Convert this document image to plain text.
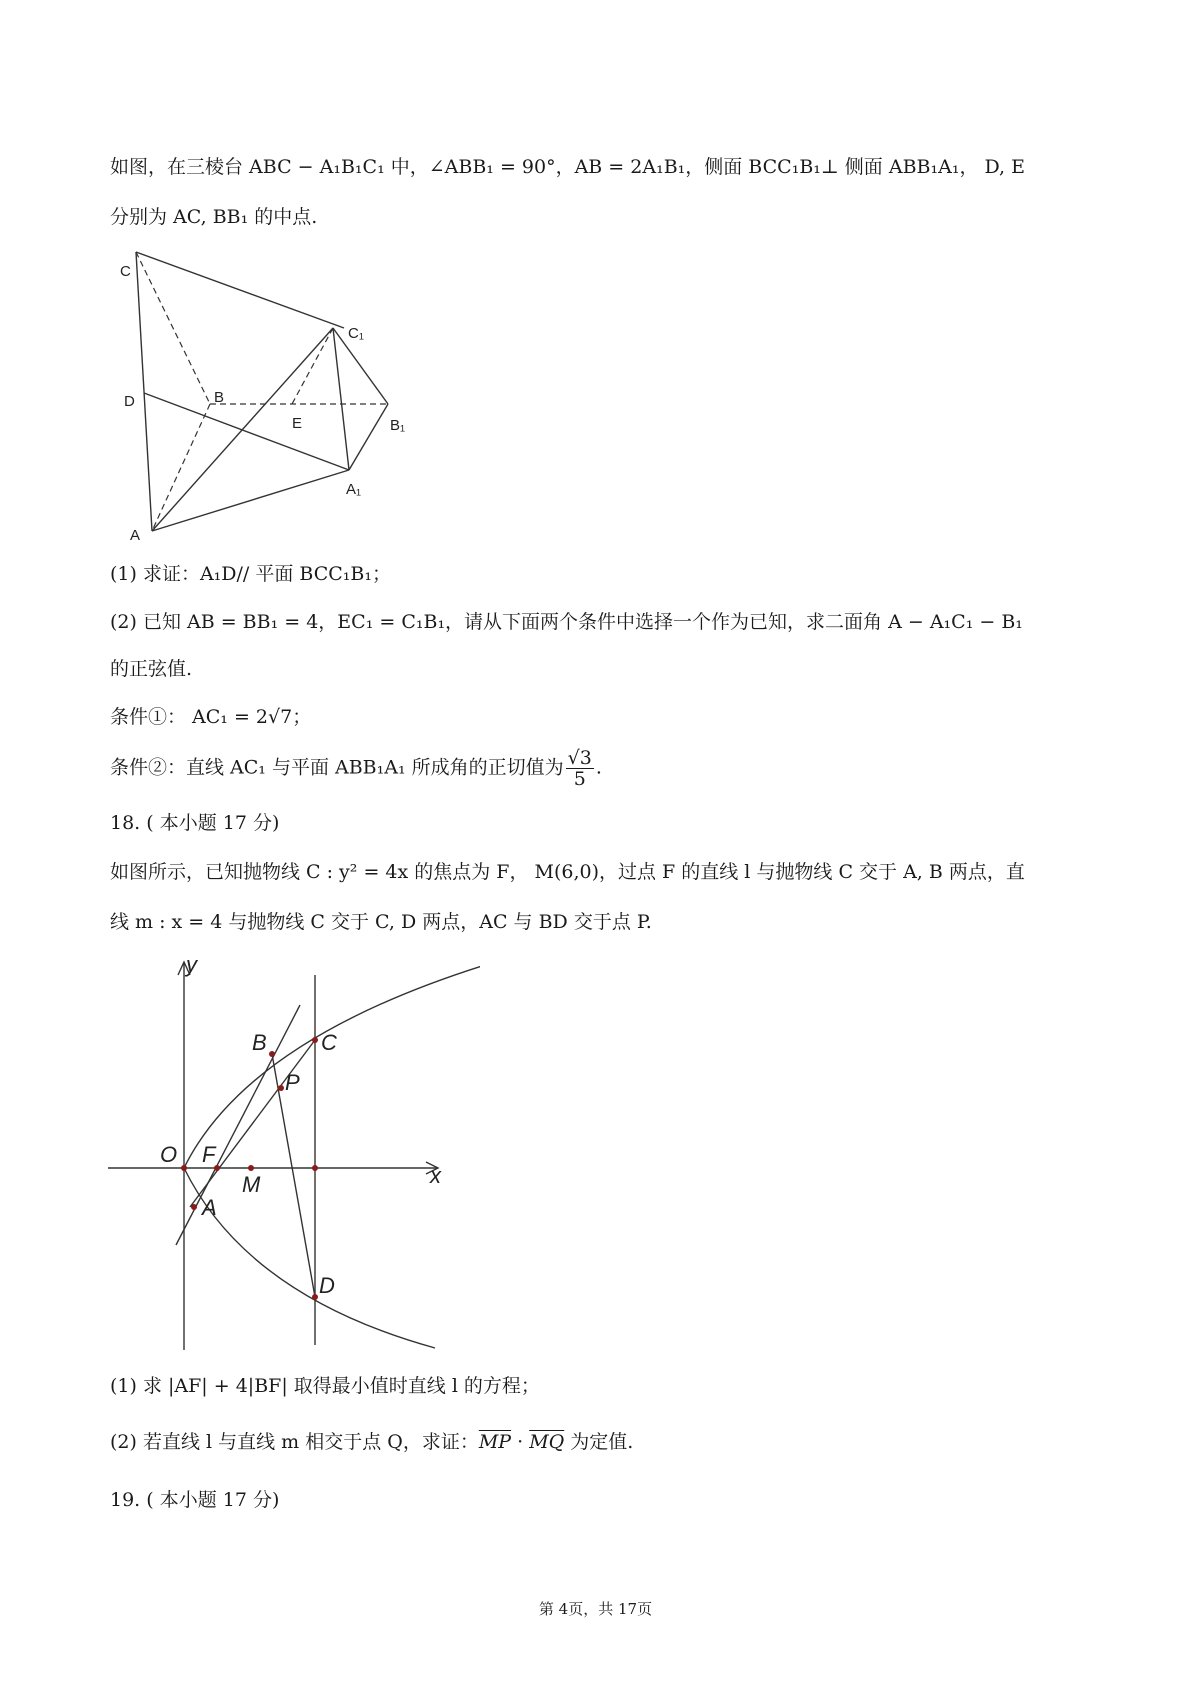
如图，在三棱台 ABC − A₁B₁C₁ 中，∠ABB₁ = 90°，AB = 2A₁B₁，侧面 BCC₁B₁⊥ 侧面 ABB₁A₁， D, E
分别为 AC, BB₁ 的中点.
C
C₁
D	B
E	B₁
A₁
A
(1) 求证：A₁D// 平面 BCC₁B₁；
(2) 已知 AB = BB₁ = 4，EC₁ = C₁B₁，请从下面两个条件中选择一个作为已知，求二面角 A − A₁C₁ − B₁
的正弦值.
条件①： AC₁ = 2√7；
条件②：直线 AC₁ 与平面 ABB₁A₁ 所成角的正切值为 $\frac{√3}{5}$ .
18. ( 本小题 17 分)
如图所示，已知抛物线 C : y² = 4x 的焦点为 F， M(6,0)，过点 F 的直线 l 与抛物线 C 交于 A, B 两点，直
线 m : x = 4 与抛物线 C 交于 C, D 两点，AC 与 BD 交于点 P.
y
x
O F
M
A
B C
D
P
(1) 求 |AF| + 4|BF| 取得最小值时直线 l 的方程；
(2) 若直线 l 与直线 m 相交于点 Q，求证：$\overline{MP} \cdot \overline{MQ}$ 为定值.
19. ( 本小题 17 分)
第 4页，共 17页
